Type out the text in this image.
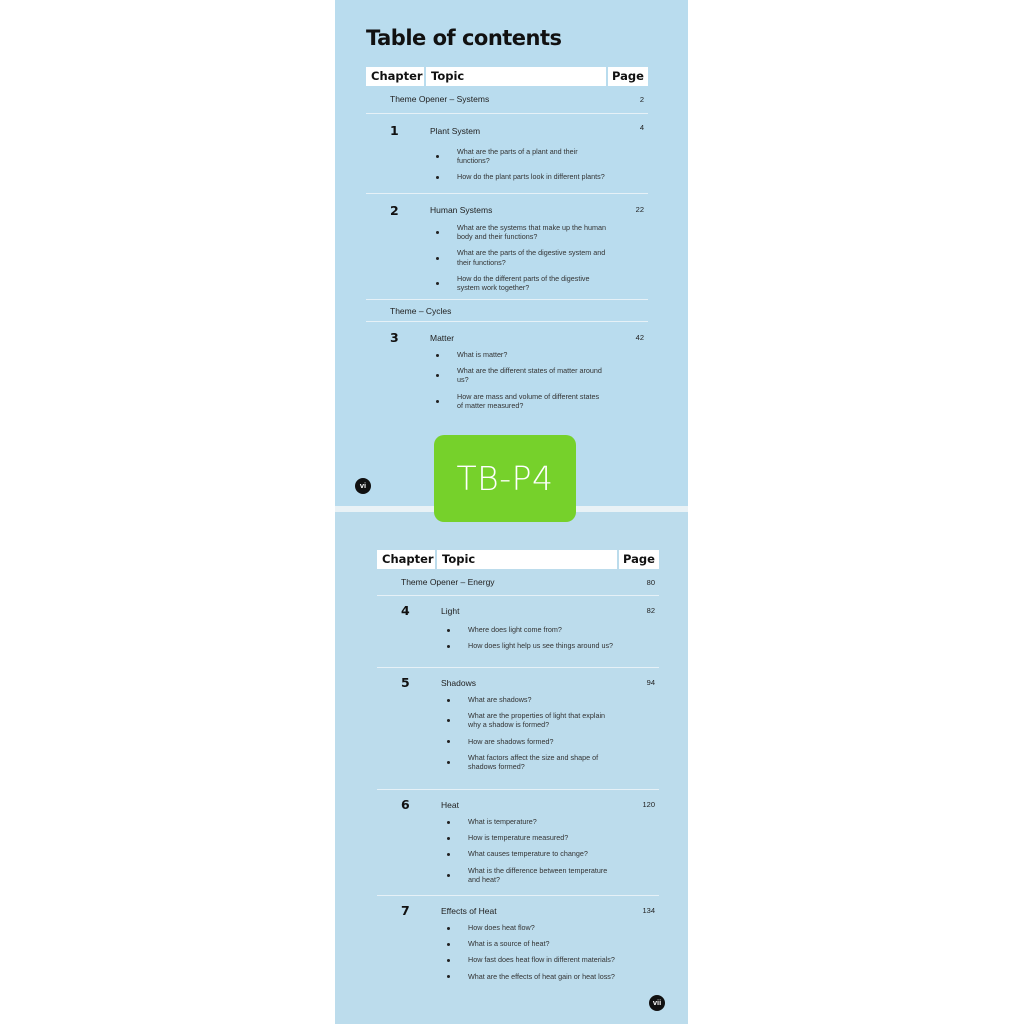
Table of contents
Chapter Topic	Page
Theme Opener – Systems	2
1	Plant System	4
What are the parts of a plant and their functions?
How do the plant parts look in different plants?
2	Human Systems	22
What are the systems that make up the human body and their functions?
What are the parts of the digestive system and their functions?
How do the different parts of the digestive system work together?
Theme – Cycles
3	Matter	42
What is matter?
What are the different states of matter around us?
How are mass and volume of different states of matter measured?
vi
Chapter Topic	Page
Theme Opener – Energy	80
4	Light	82
Where does light come from?
How does light help us see things around us?
5	Shadows	94
What are shadows?
What are the properties of light that explain why a shadow is formed?
How are shadows formed?
What factors affect the size and shape of shadows formed?
6	Heat	120
What is temperature?
How is temperature measured?
What causes temperature to change?
What is the difference between temperature and heat?
7	Effects of Heat	134
How does heat flow?
What is a source of heat?
How fast does heat flow in different materials?
What are the effects of heat gain or heat loss?
vii
TB-P4
